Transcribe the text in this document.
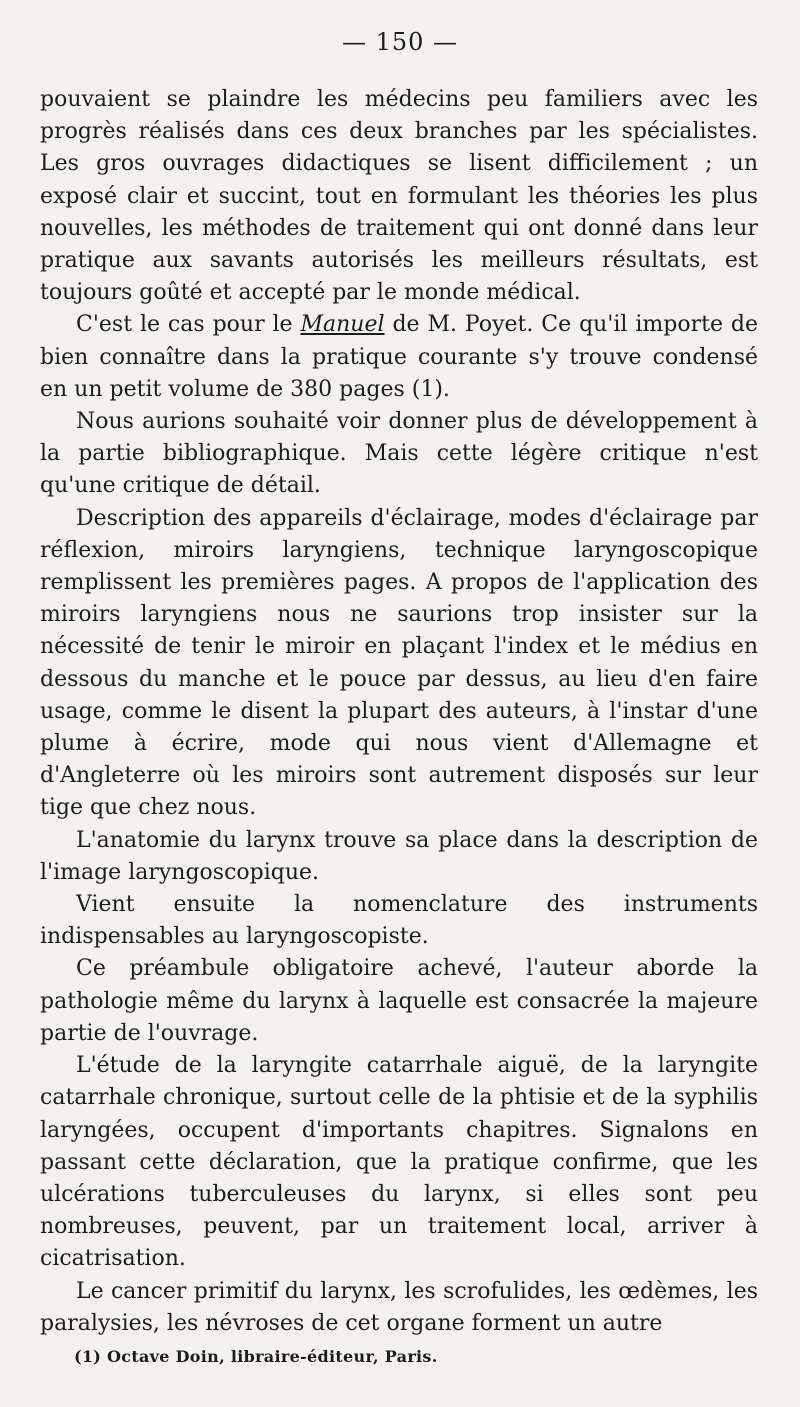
— 150 —

pouvaient se plaindre les médecins peu familiers avec les progrès réalisés dans ces deux branches par les spécialistes. Les gros ouvrages didactiques se lisent difficilement ; un exposé clair et succint, tout en formulant les théories les plus nouvelles, les méthodes de traitement qui ont donné dans leur pratique aux savants autorisés les meilleurs résultats, est toujours goûté et accepté par le monde médical.

C'est le cas pour le Manuel de M. Poyet. Ce qu'il importe de bien connaître dans la pratique courante s'y trouve condensé en un petit volume de 380 pages (1).

Nous aurions souhaité voir donner plus de développement à la partie bibliographique. Mais cette légère critique n'est qu'une critique de détail.

Description des appareils d'éclairage, modes d'éclairage par réflexion, miroirs laryngiens, technique laryngoscopique remplissent les premières pages. A propos de l'application des miroirs laryngiens nous ne saurions trop insister sur la nécessité de tenir le miroir en plaçant l'index et le médius en dessous du manche et le pouce par dessus, au lieu d'en faire usage, comme le disent la plupart des auteurs, à l'instar d'une plume à écrire, mode qui nous vient d'Allemagne et d'Angleterre où les miroirs sont autrement disposés sur leur tige que chez nous.

L'anatomie du larynx trouve sa place dans la description de l'image laryngoscopique.

Vient ensuite la nomenclature des instruments indispensables au laryngoscopiste.

Ce préambule obligatoire achevé, l'auteur aborde la pathologie même du larynx à laquelle est consacrée la majeure partie de l'ouvrage.

L'étude de la laryngite catarrhale aiguë, de la laryngite catarrhale chronique, surtout celle de la phtisie et de la syphilis laryngées, occupent d'importants chapitres. Signalons en passant cette déclaration, que la pratique confirme, que les ulcérations tuberculeuses du larynx, si elles sont peu nombreuses, peuvent, par un traitement local, arriver à cicatrisation.

Le cancer primitif du larynx, les scrofulides, les œdèmes, les paralysies, les névroses de cet organe forment un autre

(1) Octave Doin, libraire-éditeur, Paris.
